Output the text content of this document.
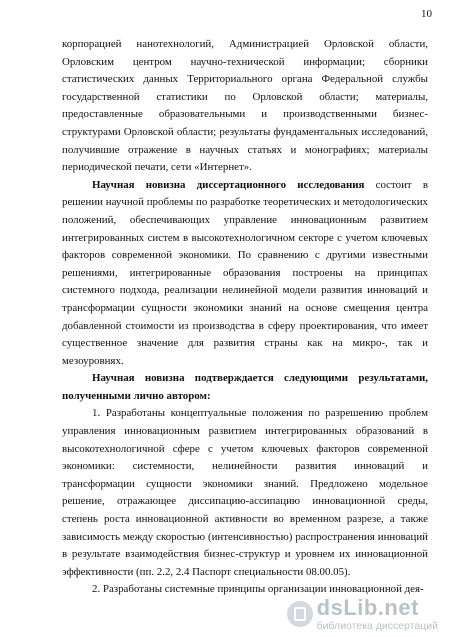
10

корпорацией нанотехнологий, Администрацией Орловской области, Орловским центром научно-технической информации; сборники статистических данных Территориального органа Федеральной службы государственной статистики по Орловской области; материалы, предоставленные образовательными и производственными бизнес-структурами Орловской области; результаты фундаментальных исследований, получившие отражение в научных статьях и монографиях; материалы периодической печати, сети «Интернет».

Научная новизна диссертационного исследования состоит в решении научной проблемы по разработке теоретических и методологических положений, обеспечивающих управление инновационным развитием интегрированных систем в высокотехнологичном секторе с учетом ключевых факторов современной экономики. По сравнению с другими известными решениями, интегрированные образования построены на принципах системного подхода, реализации нелинейной модели развития инноваций и трансформации сущности экономики знаний на основе смещения центра добавленной стоимости из производства в сферу проектирования, что имеет существенное значение для развития страны как на микро-, так и мезоуровнях.

Научная новизна подтверждается следующими результатами, полученными лично автором:

1. Разработаны концептуальные положения по разрешению проблем управления инновационным развитием интегрированных образований в высокотехнологичной сфере с учетом ключевых факторов современной экономики: системности, нелинейности развития инноваций и трансформации сущности экономики знаний. Предложено модельное решение, отражающее диссипацию-ассипацию инновационной среды, степень роста инновационной активности во временном разрезе, а также зависимость между скоростью (интенсивностью) распространения инноваций в результате взаимодействия бизнес-структур и уровнем их инновационной эффективности (пп. 2.2, 2.4 Паспорт специальности 08.00.05).

2. Разработаны системные принципы организации инновационной дея-

dsLib.net
библиотека диссертаций
